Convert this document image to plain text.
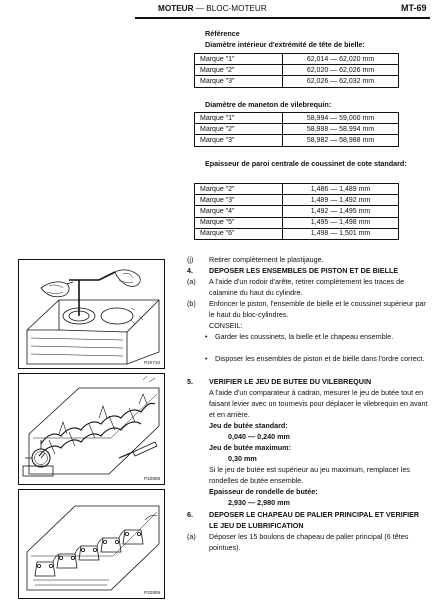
MOTEUR — BLOC-MOTEUR	MT-69
Référence
Diamètre intérieur d'extrémité de tête de bielle:
Marque "1"	62,014 — 62,020 mm
Marque "2"	62,020 — 62,026 mm
Marque "3"	62,026 — 62,032 mm
Diamètre de maneton de vilebrequin:
Marque "1"	58,994 — 59,000 mm
Marque "2"	58,988 — 58,994 mm
Marque "3"	58,982 — 58,988 mm
Epaisseur de paroi centrale de coussinet de cote standard:
Marque "2"	1,486 — 1,489 mm
Marque "3"	1,489 — 1,492 mm
Marque "4"	1,492 — 1,495 mm
Marque "5"	1,495 — 1,498 mm
Marque "6"	1,498 — 1,501 mm
P22710
P22808
P22809
(j) Retirer complètement le plastijauge.
4. DEPOSER LES ENSEMBLES DE PISTON ET DE BIELLE
(a) A l'aide d'un rodoir d'arête, retirer complètement les traces de calamine du haut du cylindre.
(b) Enfoncer le piston, l'ensemble de bielle et le coussinet supérieur par le haut du bloc-cylindres.
CONSEIL:
• Garder les coussinets, la bielle et le chapeau ensemble.
• Disposer les ensembles de piston et de bielle dans l'ordre correct.
5. VERIFIER LE JEU DE BUTEE DU VILEBREQUIN
A l'aide d'un comparateur à cadran, mesurer le jeu de butée tout en faisant levier avec un tournevis pour déplacer le vilebrequin en avant et en arrière.
Jeu de butée standard:
0,040 — 0,240 mm
Jeu de butée maximum:
0,30 mm
Si le jeu de butée est supérieur au jeu maximum, remplacer les rondelles de butée ensemble.
Epaisseur de rondelle de butée:
2,930 — 2,980 mm
6. DEPOSER LE CHAPEAU DE PALIER PRINCIPAL ET VERIFIER LE JEU DE LUBRIFICATION
(a) Déposer les 15 boulons de chapeau de palier principal (6 têtes pointues).
